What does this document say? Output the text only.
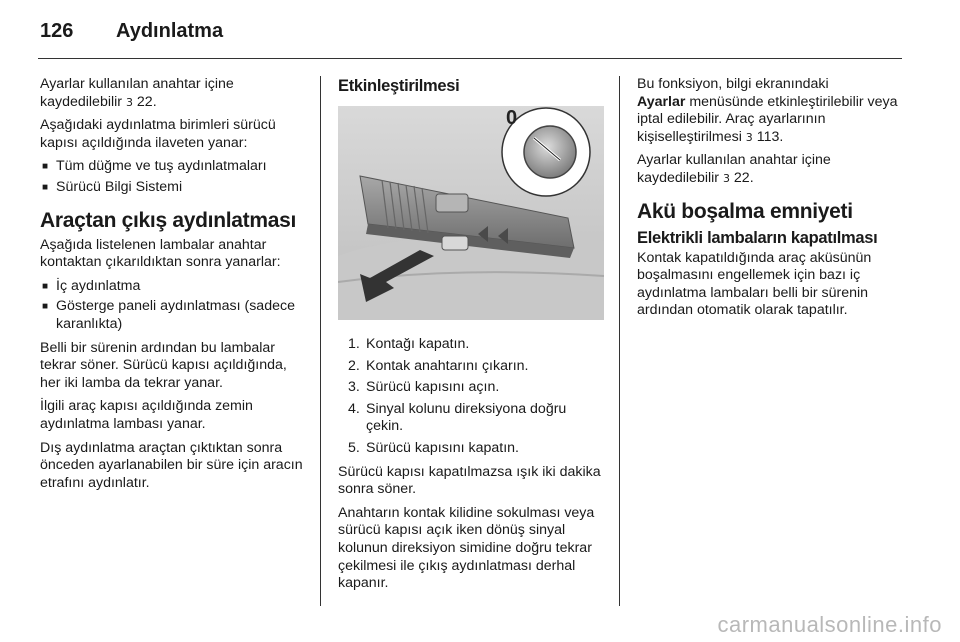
126 Aydınlatma

Ayarlar kullanılan anahtar içine kaydedilebilir 3 22.

Aşağıdaki aydınlatma birimleri sürücü kapısı açıldığında ilaveten yanar:

■ Tüm düğme ve tuş aydınlatmaları
■ Sürücü Bilgi Sistemi
Araçtan çıkış aydınlatması

Aşağıda listelenen lambalar anahtar kontaktan çıkarıldıktan sonra yanarlar:

■ İç aydınlatma
■ Gösterge paneli aydınlatması (sadece karanlıkta)

Belli bir sürenin ardından bu lambalar tekrar söner. Sürücü kapısı açıldığında, her iki lamba da tekrar yanar.

İlgili araç kapısı açıldığında zemin aydınlatma lambası yanar.

Dış aydınlatma araçtan çıktıktan sonra önceden ayarlanabilen bir süre için aracın etrafını aydınlatır.

Etkinleştirilmesi
0
1. Kontağı kapatın.
2. Kontak anahtarını çıkarın.
3. Sürücü kapısını açın.
4. Sinyal kolunu direksiyona doğru çekin.
5. Sürücü kapısını kapatın.

Sürücü kapısı kapatılmazsa ışık iki dakika sonra söner.

Anahtarın kontak kilidine sokulması veya sürücü kapısı açık iken dönüş sinyal kolunun direksiyon simidine doğru tekrar çekilmesi ile çıkış aydınlatması derhal kapanır.

Bu fonksiyon, bilgi ekranındaki
Ayarlar menüsünde etkinleştirilebilir veya iptal edilebilir. Araç ayarlarının kişiselleştirilmesi 3 113.

Ayarlar kullanılan anahtar içine kaydedilebilir 3 22.

Akü boşalma emniyeti
Elektrikli lambaların kapatılması

Kontak kapatıldığında araç aküsünün boşalmasını engellemek için bazı iç aydınlatma lambaları belli bir sürenin ardından otomatik olarak tapatılır.

carmanualsonline.info
